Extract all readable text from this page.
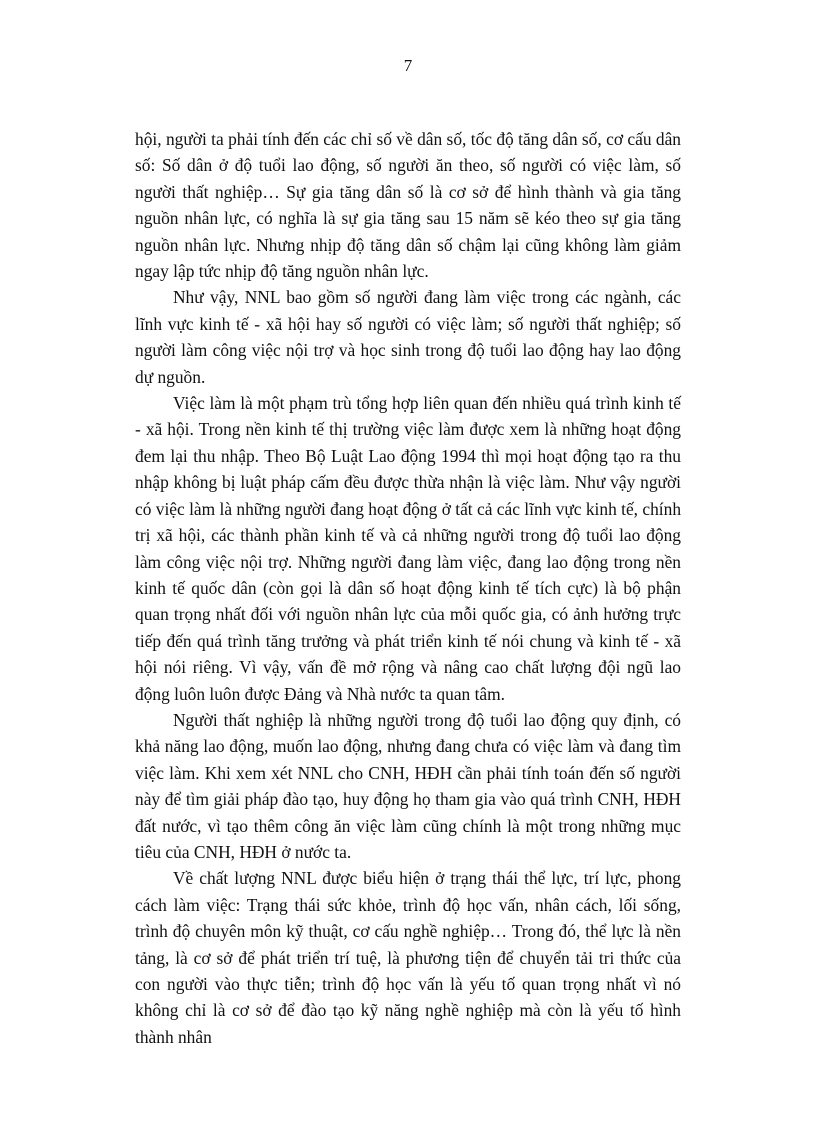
7

hội, người ta phải tính đến các chỉ số về dân số, tốc độ tăng dân số, cơ cấu dân số: Số dân ở độ tuổi lao động, số người ăn theo, số người có việc làm, số người thất nghiệp… Sự gia tăng dân số là cơ sở để hình thành và gia tăng nguồn nhân lực, có nghĩa là sự gia tăng sau 15 năm sẽ kéo theo sự gia tăng nguồn nhân lực. Nhưng nhịp độ tăng dân số chậm lại cũng không làm giảm ngay lập tức nhịp độ tăng nguồn nhân lực.

Như vậy, NNL bao gồm số người đang làm việc trong các ngành, các lĩnh vực kinh tế - xã hội hay số người có việc làm; số người thất nghiệp; số người làm công việc nội trợ và học sinh trong độ tuổi lao động hay lao động dự nguồn.

Việc làm là một phạm trù tổng hợp liên quan đến nhiều quá trình kinh tế - xã hội. Trong nền kinh tế thị trường việc làm được xem là những hoạt động đem lại thu nhập. Theo Bộ Luật Lao động 1994 thì mọi hoạt động tạo ra thu nhập không bị luật pháp cấm đều được thừa nhận là việc làm. Như vậy người có việc làm là những người đang hoạt động ở tất cả các lĩnh vực kinh tế, chính trị xã hội, các thành phần kinh tế và cả những người trong độ tuổi lao động làm công việc nội trợ. Những người đang làm việc, đang lao động trong nền kinh tế quốc dân (còn gọi là dân số hoạt động kinh tế tích cực) là bộ phận quan trọng nhất đối với nguồn nhân lực của mỗi quốc gia, có ảnh hưởng trực tiếp đến quá trình tăng trưởng và phát triển kinh tế nói chung và kinh tế - xã hội nói riêng. Vì vậy, vấn đề mở rộng và nâng cao chất lượng đội ngũ lao động luôn luôn được Đảng và Nhà nước ta quan tâm.

Người thất nghiệp là những người trong độ tuổi lao động quy định, có khả năng lao động, muốn lao động, nhưng đang chưa có việc làm và đang tìm việc làm. Khi xem xét NNL cho CNH, HĐH cần phải tính toán đến số người này để tìm giải pháp đào tạo, huy động họ tham gia vào quá trình CNH, HĐH đất nước, vì tạo thêm công ăn việc làm cũng chính là một trong những mục tiêu của CNH, HĐH ở nước ta.

Về chất lượng NNL được biểu hiện ở trạng thái thể lực, trí lực, phong cách làm việc: Trạng thái sức khỏe, trình độ học vấn, nhân cách, lối sống, trình độ chuyên môn kỹ thuật, cơ cấu nghề nghiệp… Trong đó, thể lực là nền tảng, là cơ sở để phát triển trí tuệ, là phương tiện để chuyển tải tri thức của con người vào thực tiễn; trình độ học vấn là yếu tố quan trọng nhất vì nó không chỉ là cơ sở để đào tạo kỹ năng nghề nghiệp mà còn là yếu tố hình thành nhân
